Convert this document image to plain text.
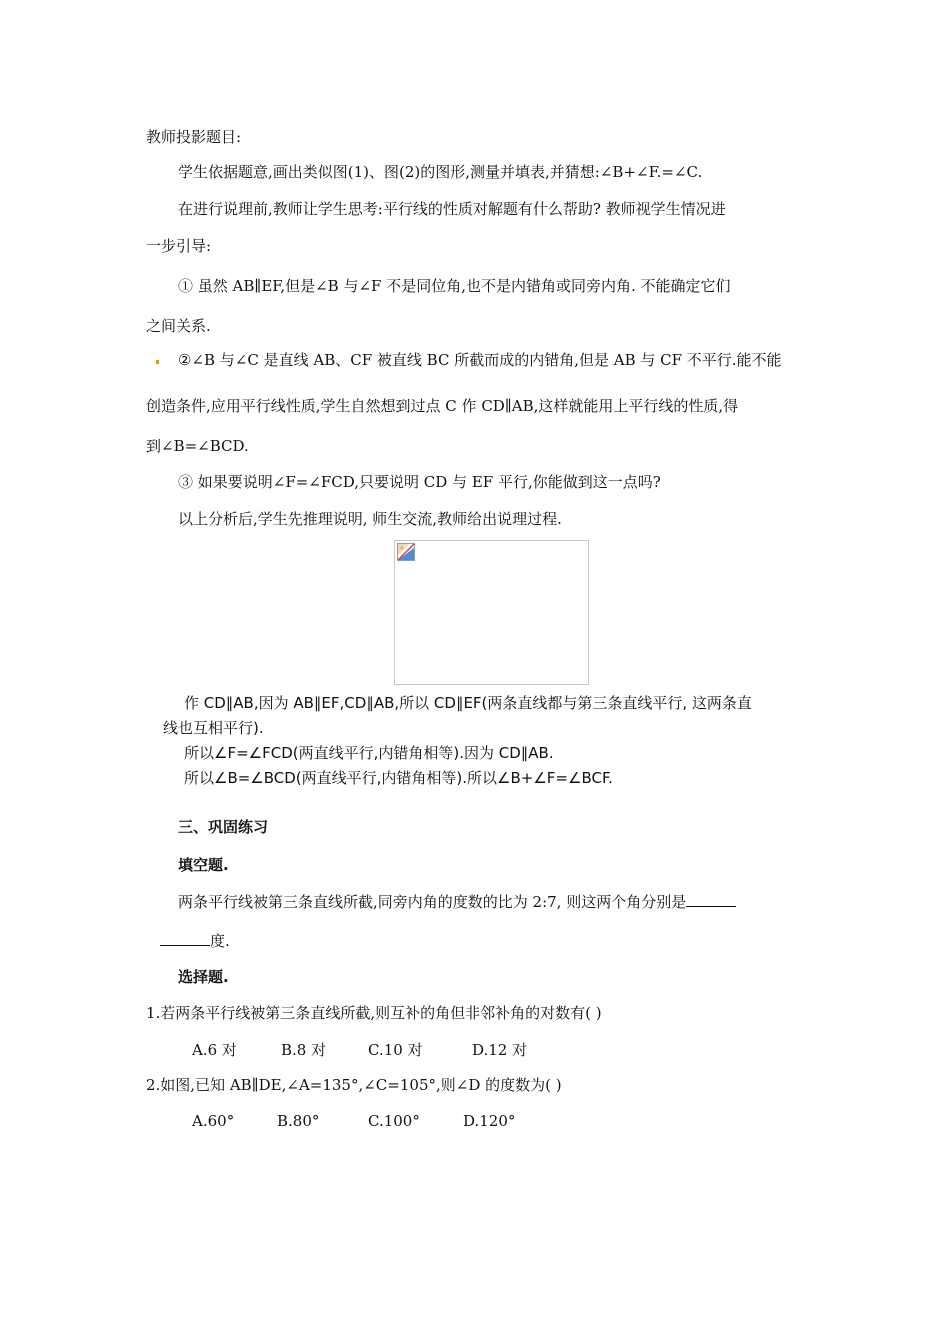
教师投影题目:
学生依据题意,画出类似图(1)、图(2)的图形,测量并填表,并猜想:∠B+∠F.=∠C.
在进行说理前,教师让学生思考:平行线的性质对解题有什么帮助? 教师视学生情况进
一步引导:
① 虽然 AB∥EF,但是∠B 与∠F 不是同位角,也不是内错角或同旁内角. 不能确定它们
之间关系.
②∠B 与∠C 是直线 AB、CF 被直线 BC 所截而成的内错角,但是 AB 与 CF 不平行.能不能
创造条件,应用平行线性质,学生自然想到过点 C 作 CD∥AB,这样就能用上平行线的性质,得
到∠B=∠BCD.
③ 如果要说明∠F=∠FCD,只要说明 CD 与 EF 平行,你能做到这一点吗?
以上分析后,学生先推理说明, 师生交流,教师给出说理过程.
作 CD∥AB,因为 AB∥EF,CD∥AB,所以 CD∥EF(两条直线都与第三条直线平行, 这两条直
线也互相平行).
所以∠F=∠FCD(两直线平行,内错角相等).因为 CD∥AB.
所以∠B=∠BCD(两直线平行,内错角相等).所以∠B+∠F=∠BCF.
三、巩固练习
填空题.
两条平行线被第三条直线所截,同旁内角的度数的比为 2:7, 则这两个角分别是
度.
选择题.
1.若两条平行线被第三条直线所截,则互补的角但非邻补角的对数有( )
A.6 对	B.8 对	C.10 对	D.12 对
2.如图,已知 AB∥DE,∠A=135°,∠C=105°,则∠D 的度数为( )
A.60°	B.80°	C.100°	D.120°
